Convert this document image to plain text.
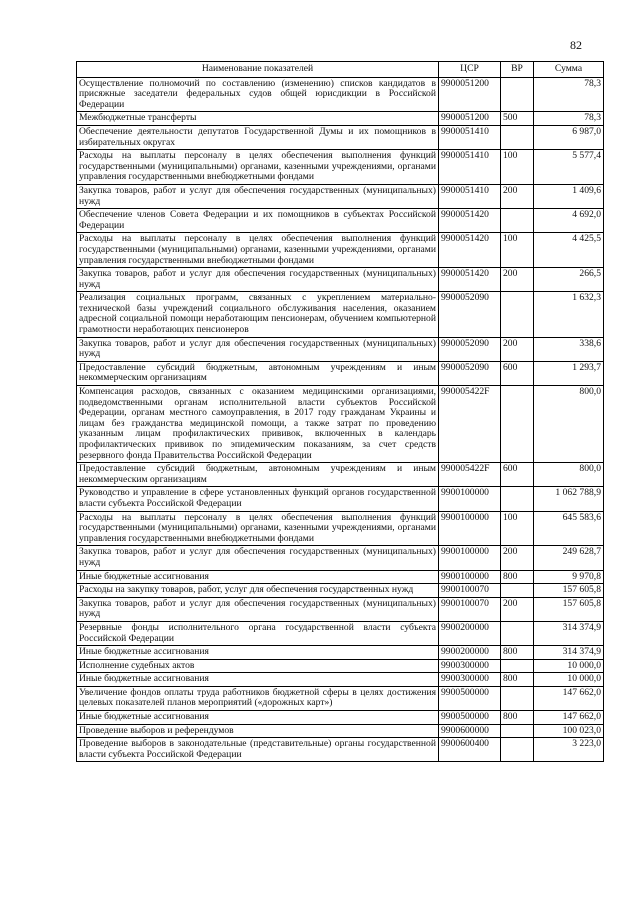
82
Наименование показателей	ЦСР	ВР	Сумма
Осуществление полномочий по составлению (изменению) списков кандидатов в присяжные заседатели федеральных судов общей юрисдикции в Российской Федерации	9900051200		78,3
Межбюджетные трансферты	9900051200	500	78,3
Обеспечение деятельности депутатов Государственной Думы и их помощников в избирательных округах	9900051410		6 987,0
Расходы на выплаты персоналу в целях обеспечения выполнения функций государственными (муниципальными) органами, казенными учреждениями, органами управления государственными внебюджетными фондами	9900051410	100	5 577,4
Закупка товаров, работ и услуг для обеспечения государственных (муниципальных) нужд	9900051410	200	1 409,6
Обеспечение членов Совета Федерации и их помощников в субъектах Российской Федерации	9900051420		4 692,0
Расходы на выплаты персоналу в целях обеспечения выполнения функций государственными (муниципальными) органами, казенными учреждениями, органами управления государственными внебюджетными фондами	9900051420	100	4 425,5
Закупка товаров, работ и услуг для обеспечения государственных (муниципальных) нужд	9900051420	200	266,5
Реализация социальных программ, связанных с укреплением материально-технической базы учреждений социального обслуживания населения, оказанием адресной социальной помощи неработающим пенсионерам, обучением компьютерной грамотности неработающих пенсионеров	9900052090		1 632,3
Закупка товаров, работ и услуг для обеспечения государственных (муниципальных) нужд	9900052090	200	338,6
Предоставление субсидий бюджетным, автономным учреждениям и иным некоммерческим организациям	9900052090	600	1 293,7
Компенсация расходов, связанных с оказанием медицинскими организациями, подведомственными органам исполнительной власти субъектов Российской Федерации, органам местного самоуправления, в 2017 году гражданам Украины и лицам без гражданства медицинской помощи, а также затрат по проведению указанным лицам профилактических прививок, включенных в календарь профилактических прививок по эпидемическим показаниям, за счет средств резервного фонда Правительства Российской Федерации	990005422F		800,0
Предоставление субсидий бюджетным, автономным учреждениям и иным некоммерческим организациям	990005422F	600	800,0
Руководство и управление в сфере установленных функций органов государственной власти субъекта Российской Федерации	9900100000		1 062 788,9
Расходы на выплаты персоналу в целях обеспечения выполнения функций государственными (муниципальными) органами, казенными учреждениями, органами управления государственными внебюджетными фондами	9900100000	100	645 583,6
Закупка товаров, работ и услуг для обеспечения государственных (муниципальных) нужд	9900100000	200	249 628,7
Иные бюджетные ассигнования	9900100000	800	9 970,8
Расходы на закупку товаров, работ, услуг для обеспечения государственных нужд	9900100070		157 605,8
Закупка товаров, работ и услуг для обеспечения государственных (муниципальных) нужд	9900100070	200	157 605,8
Резервные фонды исполнительного органа государственной власти субъекта Российской Федерации	9900200000		314 374,9
Иные бюджетные ассигнования	9900200000	800	314 374,9
Исполнение судебных актов	9900300000		10 000,0
Иные бюджетные ассигнования	9900300000	800	10 000,0
Увеличение фондов оплаты труда работников бюджетной сферы в целях достижения целевых показателей планов мероприятий («дорожных карт»)	9900500000		147 662,0
Иные бюджетные ассигнования	9900500000	800	147 662,0
Проведение выборов и референдумов	9900600000		100 023,0
Проведение выборов в законодательные (представительные) органы государственной власти субъекта Российской Федерации	9900600400		3 223,0
